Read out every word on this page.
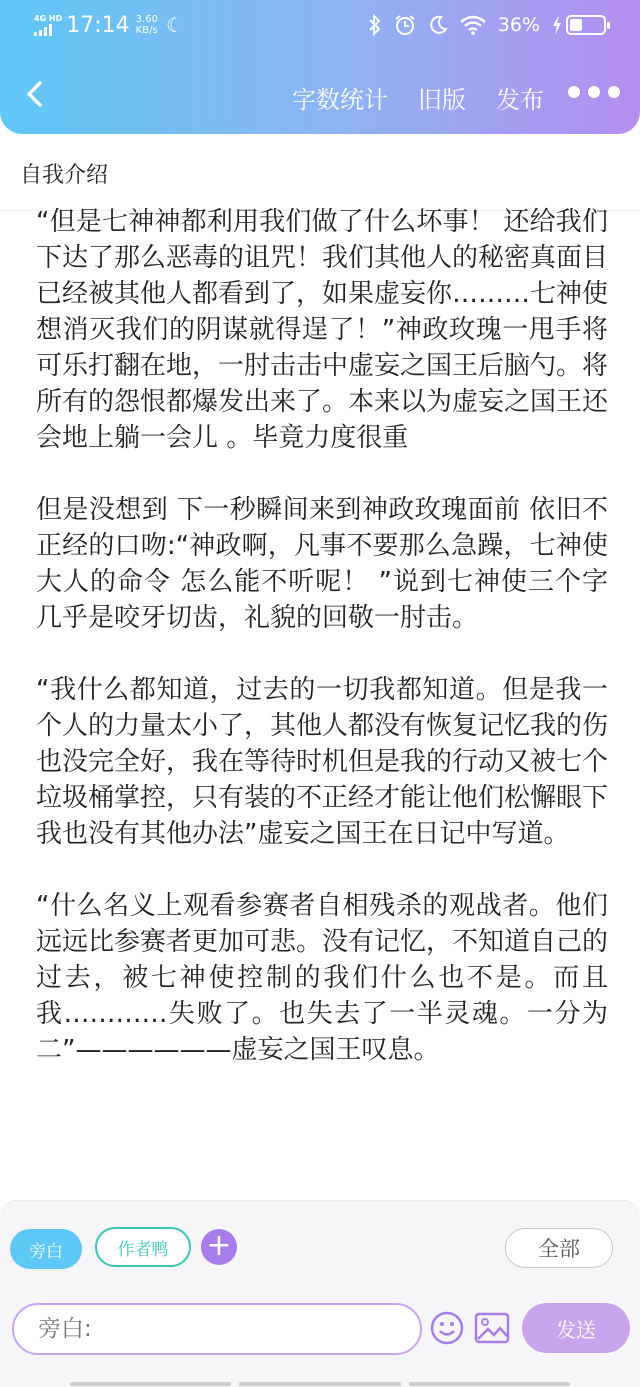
4G HD 17:14 3.60
KB/s ☾	36%
字数统计 旧版 发布
自我介绍

“但是七神神都利用我们做了什么坏事！ 还给我们下达了那么恶毒的诅咒！我们其他人的秘密真面目已经被其他人都看到了，如果虚妄你………七神使想消灭我们的阴谋就得逞了！”神政玫瑰一甩手将可乐打翻在地，一肘击击中虚妄之国王后脑勺。将所有的怨恨都爆发出来了。本来以为虚妄之国王还会地上躺一会儿 。毕竟力度很重

但是没想到 下一秒瞬间来到神政玫瑰面前 依旧不正经的口吻:“神政啊，凡事不要那么急躁，七神使大人的命令 怎么能不听呢！ ”说到七神使三个字几乎是咬牙切齿，礼貌的回敬一肘击。

“我什么都知道，过去的一切我都知道。但是我一个人的力量太小了，其他人都没有恢复记忆我的伤也没完全好，我在等待时机但是我的行动又被七个垃圾桶掌控，只有装的不正经才能让他们松懈眼下我也没有其他办法”虚妄之国王在日记中写道。

“什么名义上观看参赛者自相残杀的观战者。他们远远比参赛者更加可悲。没有记忆，不知道自己的过去，被七神使控制的我们什么也不是。而且我…………失败了。也失去了一半灵魂。一分为二”——————虚妄之国王叹息。

旁白	作者鸭	+	全部
旁白:
发送
